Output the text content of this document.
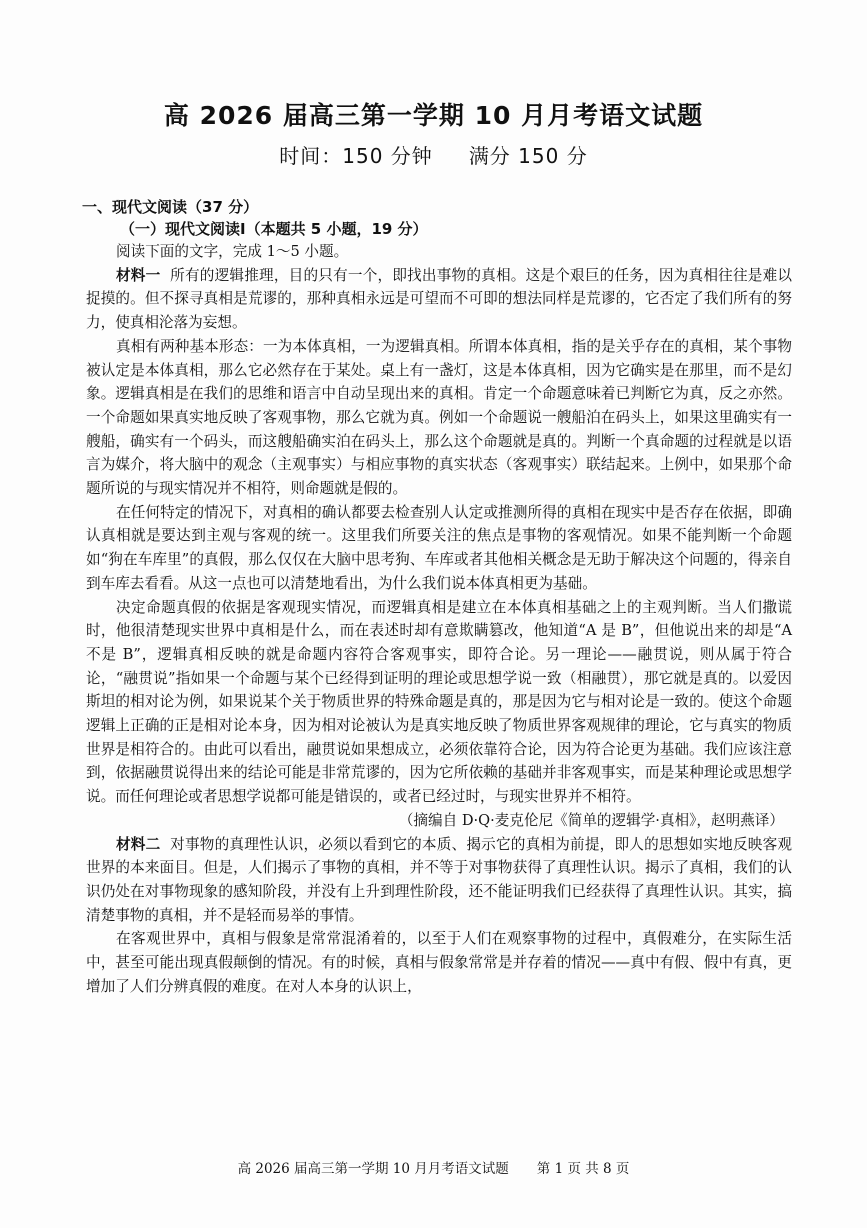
高 2026 届高三第一学期 10 月月考语文试题
时间：150 分钟 满分 150 分
一、现代文阅读（37 分）
（一）现代文阅读Ⅰ（本题共 5 小题，19 分）
阅读下面的文字，完成 1～5 小题。

材料一 所有的逻辑推理，目的只有一个，即找出事物的真相。这是个艰巨的任务，因为真相往往是难以捉摸的。但不探寻真相是荒谬的，那种真相永远是可望而不可即的想法同样是荒谬的，它否定了我们所有的努力，使真相沦落为妄想。

真相有两种基本形态：一为本体真相，一为逻辑真相。所谓本体真相，指的是关乎存在的真相，某个事物被认定是本体真相，那么它必然存在于某处。桌上有一盏灯，这是本体真相，因为它确实是在那里，而不是幻象。逻辑真相是在我们的思维和语言中自动呈现出来的真相。肯定一个命题意味着已判断它为真，反之亦然。一个命题如果真实地反映了客观事物，那么它就为真。例如一个命题说一艘船泊在码头上，如果这里确实有一艘船，确实有一个码头，而这艘船确实泊在码头上，那么这个命题就是真的。判断一个真命题的过程就是以语言为媒介，将大脑中的观念（主观事实）与相应事物的真实状态（客观事实）联结起来。上例中，如果那个命题所说的与现实情况并不相符，则命题就是假的。

在任何特定的情况下，对真相的确认都要去检查别人认定或推测所得的真相在现实中是否存在依据，即确认真相就是要达到主观与客观的统一。这里我们所要关注的焦点是事物的客观情况。如果不能判断一个命题如“狗在车库里”的真假，那么仅仅在大脑中思考狗、车库或者其他相关概念是无助于解决这个问题的，得亲自到车库去看看。从这一点也可以清楚地看出，为什么我们说本体真相更为基础。

决定命题真假的依据是客观现实情况，而逻辑真相是建立在本体真相基础之上的主观判断。当人们撒谎时，他很清楚现实世界中真相是什么，而在表述时却有意欺瞒篡改，他知道“A 是 B”，但他说出来的却是“A 不是 B”，逻辑真相反映的就是命题内容符合客观事实，即符合论。另一理论——融贯说，则从属于符合论，“融贯说”指如果一个命题与某个已经得到证明的理论或思想学说一致（相融贯），那它就是真的。以爱因斯坦的相对论为例，如果说某个关于物质世界的特殊命题是真的，那是因为它与相对论是一致的。使这个命题逻辑上正确的正是相对论本身，因为相对论被认为是真实地反映了物质世界客观规律的理论，它与真实的物质世界是相符合的。由此可以看出，融贯说如果想成立，必须依靠符合论，因为符合论更为基础。我们应该注意到，依据融贯说得出来的结论可能是非常荒谬的，因为它所依赖的基础并非客观事实，而是某种理论或思想学说。而任何理论或者思想学说都可能是错误的，或者已经过时，与现实世界并不相符。

（摘编自 D·Q·麦克伦尼《简单的逻辑学·真相》，赵明燕译）

材料二 对事物的真理性认识，必须以看到它的本质、揭示它的真相为前提，即人的思想如实地反映客观世界的本来面目。但是，人们揭示了事物的真相，并不等于对事物获得了真理性认识。揭示了真相，我们的认识仍处在对事物现象的感知阶段，并没有上升到理性阶段，还不能证明我们已经获得了真理性认识。其实，搞清楚事物的真相，并不是轻而易举的事情。

在客观世界中，真相与假象是常常混淆着的，以至于人们在观察事物的过程中，真假难分，在实际生活中，甚至可能出现真假颠倒的情况。有的时候，真相与假象常常是并存着的情况——真中有假、假中有真，更增加了人们分辨真假的难度。在对人本身的认识上，

高 2026 届高三第一学期 10 月月考语文试题 第 1 页 共 8 页
